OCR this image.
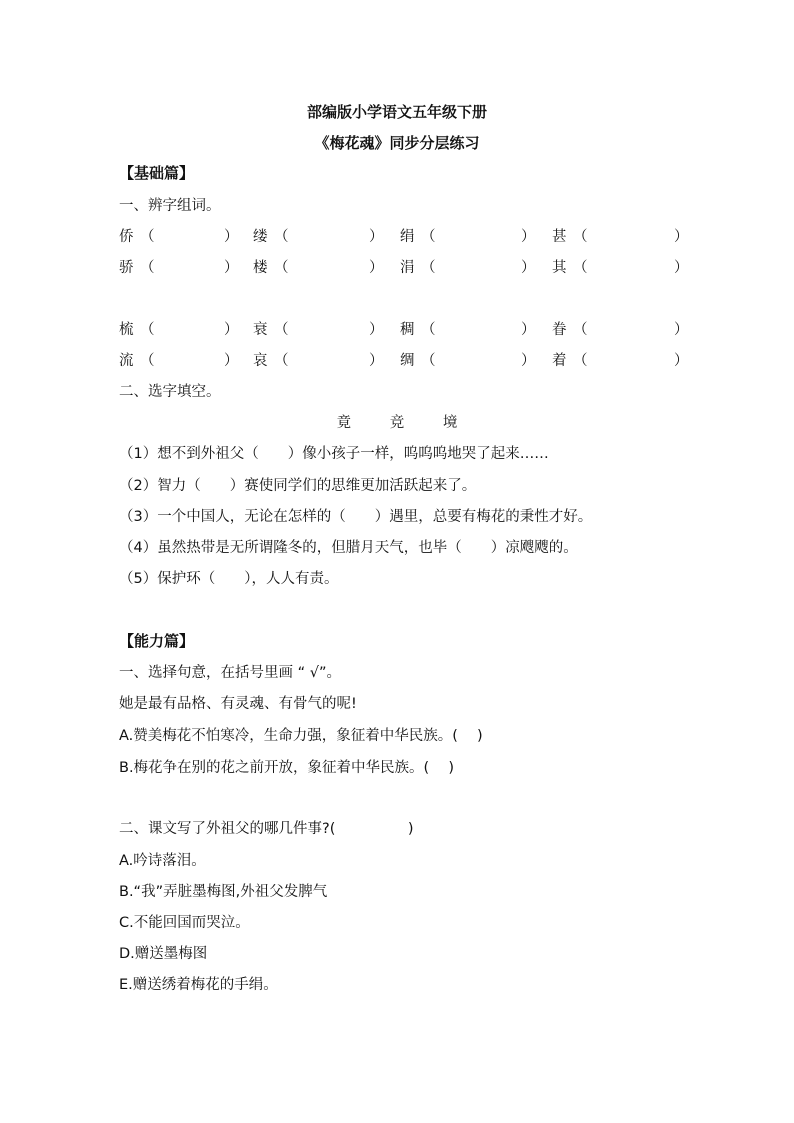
部编版小学语文五年级下册
《梅花魂》同步分层练习
【基础篇】
一、辨字组词。
侨 （	） 缕 （	） 绢 （	） 甚 （	）
骄 （	） 楼 （	） 涓 （	） 其 （	）
梳 （	） 衰 （	） 稠 （	） 眷 （	）
流 （	） 哀 （	） 绸 （	） 着 （	）
二、选字填空。
竟	竞	境
（1）想不到外祖父（　　）像小孩子一样，呜呜呜地哭了起来……
（2）智力（　　）赛使同学们的思维更加活跃起来了。
（3）一个中国人，无论在怎样的（　　）遇里，总要有梅花的秉性才好。
（4）虽然热带是无所谓隆冬的，但腊月天气，也毕（　　）凉飕飕的。
（5）保护环（　　），人人有责。
【能力篇】
一、选择句意，在括号里画 “ √”。
她是最有品格、有灵魂、有骨气的呢!
A.赞美梅花不怕寒冷，生命力强，象征着中华民族。(　 )
B.梅花争在别的花之前开放，象征着中华民族。(　 )
二、课文写了外祖父的哪几件事?(　　　　　)
A.吟诗落泪。
B.“我”弄脏墨梅图,外祖父发脾气
C.不能回国而哭泣。
D.赠送墨梅图
E.赠送绣着梅花的手绢。
